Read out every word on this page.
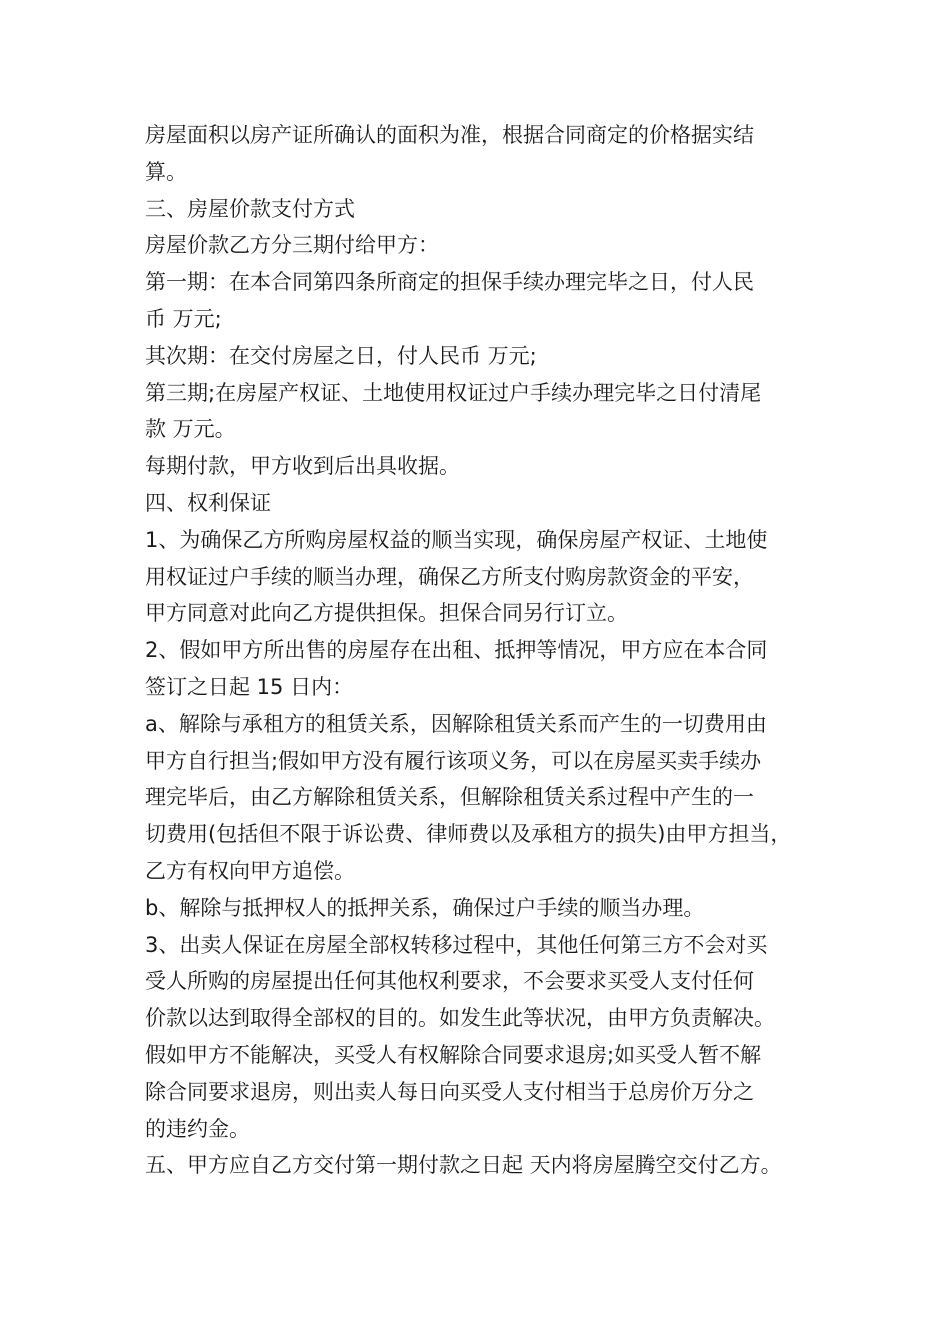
房屋面积以房产证所确认的面积为准，根据合同商定的价格据实结
算。
三、房屋价款支付方式
房屋价款乙方分三期付给甲方：
第一期：在本合同第四条所商定的担保手续办理完毕之日，付人民
币 万元;
其次期：在交付房屋之日，付人民币 万元;
第三期;在房屋产权证、土地使用权证过户手续办理完毕之日付清尾
款 万元。
每期付款，甲方收到后出具收据。
四、权利保证
1、为确保乙方所购房屋权益的顺当实现，确保房屋产权证、土地使
用权证过户手续的顺当办理，确保乙方所支付购房款资金的平安，
甲方同意对此向乙方提供担保。担保合同另行订立。
2、假如甲方所出售的房屋存在出租、抵押等情况，甲方应在本合同
签订之日起 15 日内：
a、解除与承租方的租赁关系，因解除租赁关系而产生的一切费用由
甲方自行担当;假如甲方没有履行该项义务，可以在房屋买卖手续办
理完毕后，由乙方解除租赁关系，但解除租赁关系过程中产生的一
切费用(包括但不限于诉讼费、律师费以及承租方的损失)由甲方担当，
乙方有权向甲方追偿。
b、解除与抵押权人的抵押关系，确保过户手续的顺当办理。
3、出卖人保证在房屋全部权转移过程中，其他任何第三方不会对买
受人所购的房屋提出任何其他权利要求，不会要求买受人支付任何
价款以达到取得全部权的目的。如发生此等状况，由甲方负责解决。
假如甲方不能解决，买受人有权解除合同要求退房;如买受人暂不解
除合同要求退房，则出卖人每日向买受人支付相当于总房价万分之
的违约金。
五、甲方应自乙方交付第一期付款之日起 天内将房屋腾空交付乙方。
